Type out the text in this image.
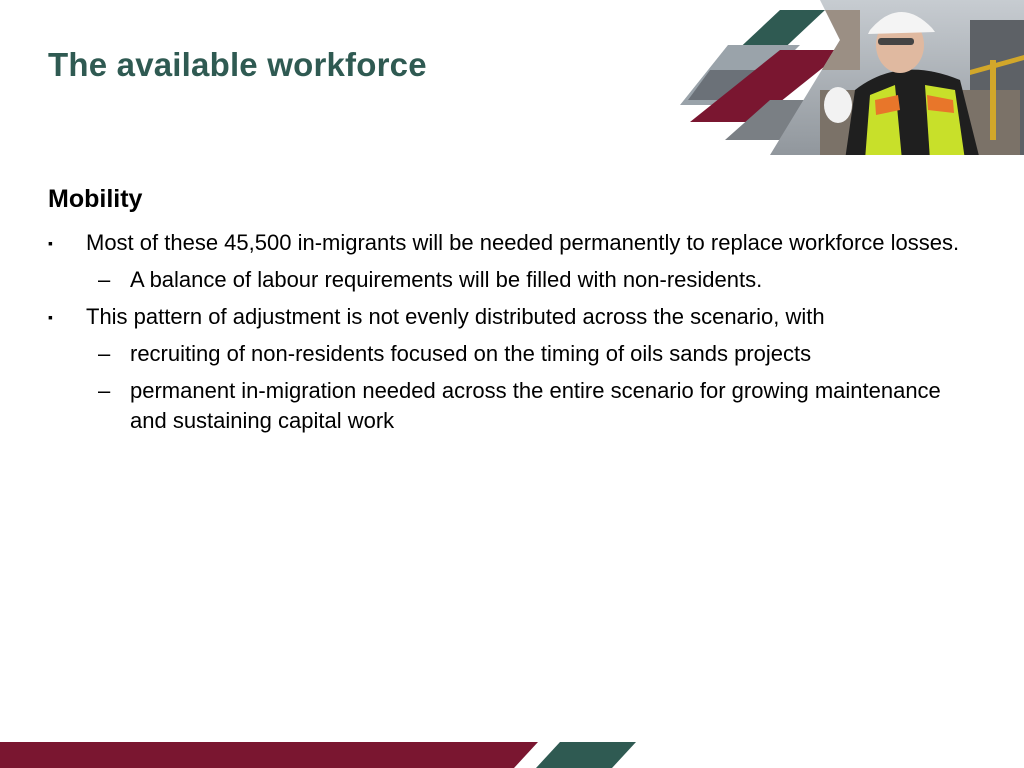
The available workforce
Mobility
▪	Most of these 45,500 in-migrants will be needed permanently to replace workforce losses.
– A balance of labour requirements will be filled with non-residents.
▪	This pattern of adjustment is not evenly distributed across the scenario, with
– recruiting of non-residents focused on the timing of oils sands projects
– permanent in-migration needed across the entire scenario for growing maintenance and sustaining capital work
